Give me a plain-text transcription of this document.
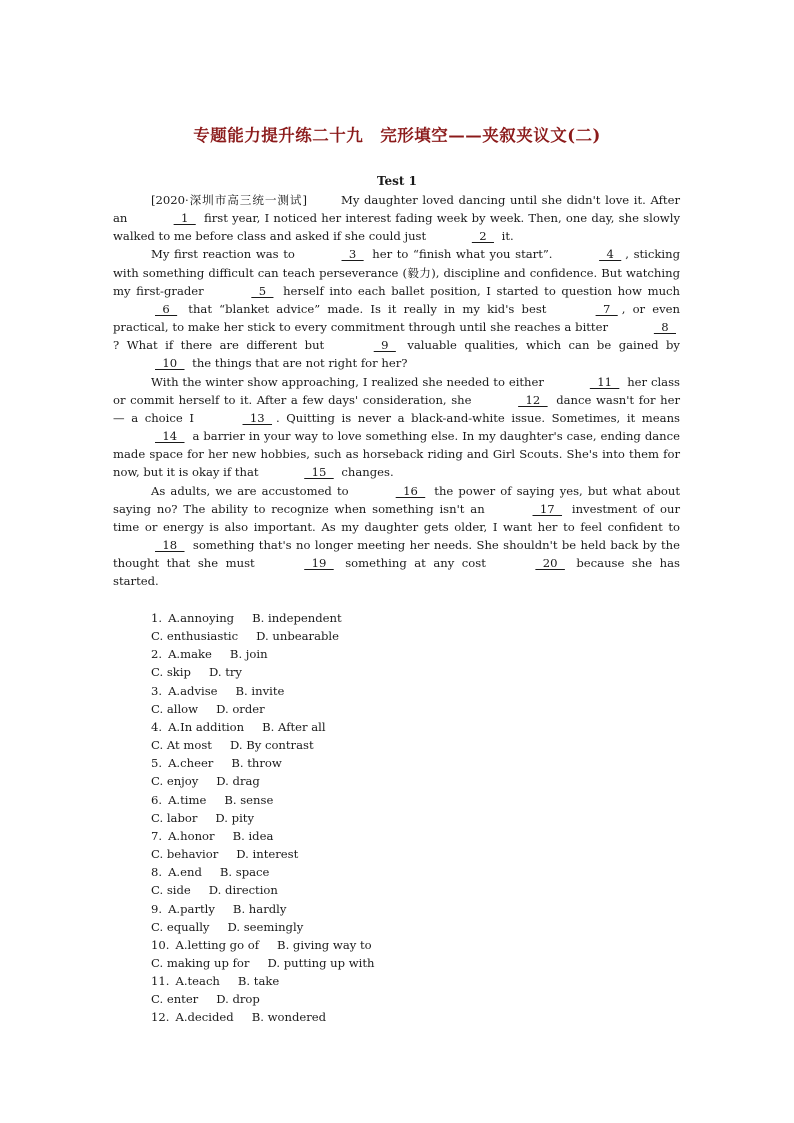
专题能力提升练二十九　完形填空——夹叙夹议文(二)
Test 1

[2020·深圳市高三统一测试]	My daughter loved dancing until she didn't love it. After an	1   first year, I noticed her interest fading week by week. Then, one day, she slowly walked to me before class and asked if she could just	2   it.

My first reaction was to	3   her to “finish what you start”.	4  , sticking with something difficult can teach perseverance (毅力), discipline and confidence. But watching my first-grader	5   herself into each ballet position, I started to question how much   6   that “blanket advice” made. Is it really in my kid's best	7  , or even practical, to make her stick to every commitment through until she reaches a bitter	8  ? What if there are different but	9   valuable qualities, which can be gained by   10   the things that are not right for her?

With the winter show approaching, I realized she needed to either	11   her class or commit herself to it. After a few days' consideration, she	12   dance wasn't for her — a choice I	13  . Quitting is never a black-and-white issue. Sometimes, it means   14   a barrier in your way to love something else. In my daughter's case, ending dance made space for her new hobbies, such as horseback riding and Girl Scouts. She's into them for now, but it is okay if that	15   changes.

As adults, we are accustomed to	16   the power of saying yes, but what about saying no? The ability to recognize when something isn't an	17   investment of our time or energy is also important. As my daughter gets older, I want her to feel confident to   18   something that's no longer meeting her needs. She shouldn't be held back by the thought that she must	19   something at any cost	20   because she has started.

1. A.annoying B. independent
C. enthusiastic D. unbearable
2. A.make B. join
C. skip D. try
3. A.advise B. invite
C. allow D. order
4. A.In addition B. After all
C. At most D. By contrast
5. A.cheer B. throw
C. enjoy D. drag
6. A.time B. sense
C. labor D. pity
7. A.honor B. idea
C. behavior D. interest
8. A.end B. space
C. side D. direction
9. A.partly B. hardly
C. equally D. seemingly
10. A.letting go of B. giving way to
C. making up for D. putting up with
11. A.teach B. take
C. enter D. drop
12. A.decided B. wondered
